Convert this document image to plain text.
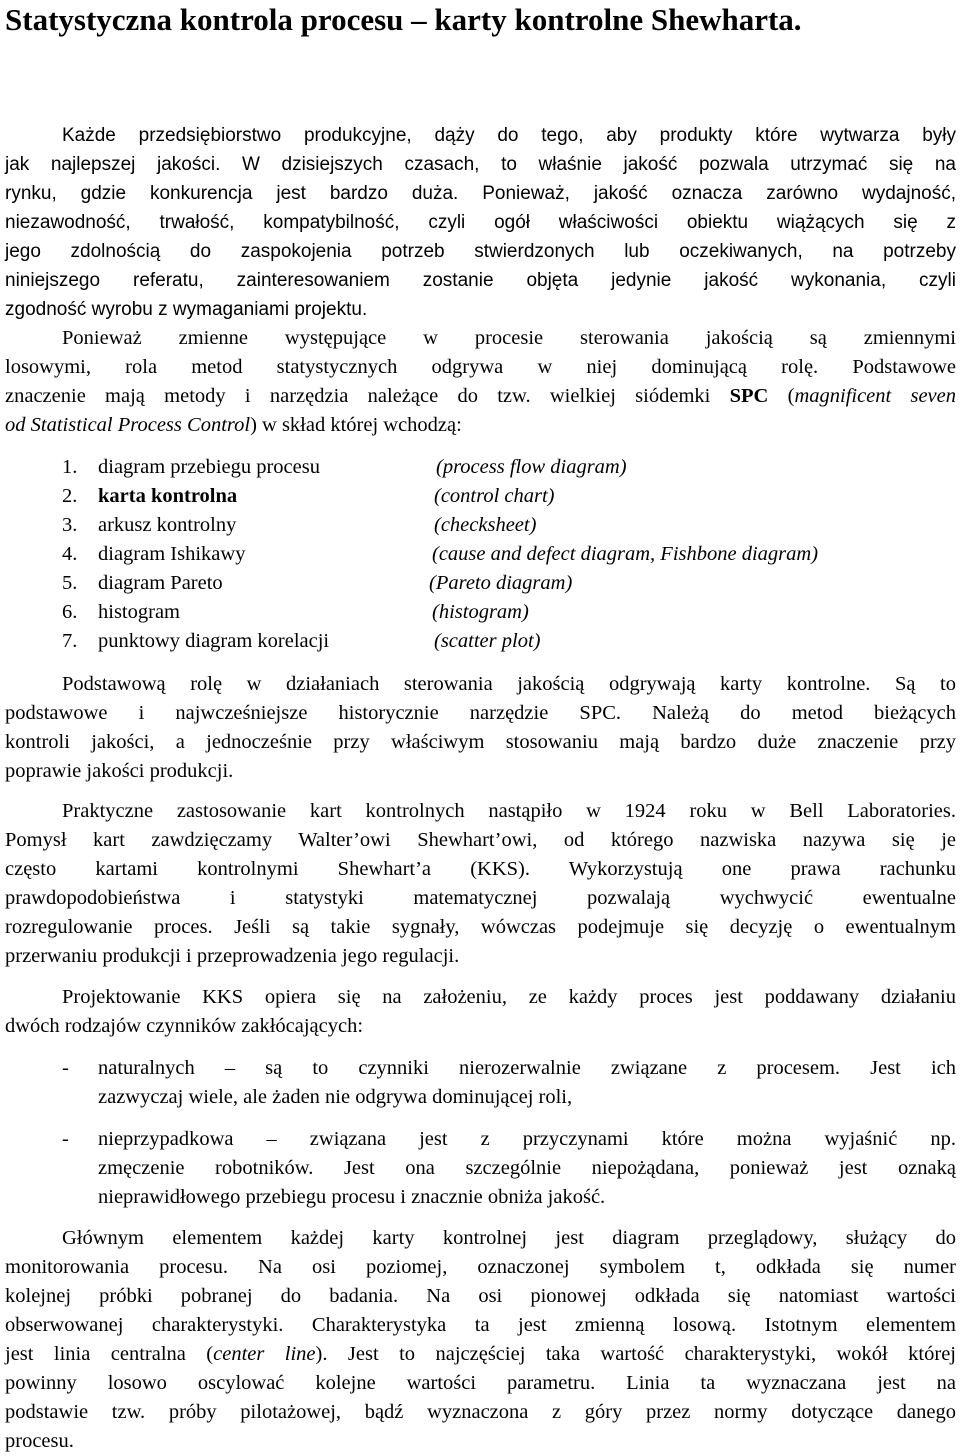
Statystyczna kontrola procesu – karty kontrolne Shewharta.
Każde przedsiębiorstwo produkcyjne, dąży do tego, aby produkty które wytwarza były
jak najlepszej jakości. W dzisiejszych czasach, to właśnie jakość pozwala utrzymać się na
rynku, gdzie konkurencja jest bardzo duża. Ponieważ, jakość oznacza zarówno wydajność,
niezawodność, trwałość, kompatybilność, czyli ogół właściwości obiektu wiążących się z
jego zdolnością do zaspokojenia potrzeb stwierdzonych lub oczekiwanych, na potrzeby
niniejszego referatu, zainteresowaniem zostanie objęta jedynie jakość wykonania, czyli
zgodność wyrobu z wymaganiami projektu.
Ponieważ zmienne występujące w procesie sterowania jakością są zmiennymi
losowymi, rola metod statystycznych odgrywa w niej dominującą rolę. Podstawowe
znaczenie mają metody i narzędzia należące do tzw. wielkiej siódemki SPC (magnificent seven
od Statistical Process Control) w skład której wchodzą:
1. diagram przebiegu procesu	(process flow diagram)
2. karta kontrolna	(control chart)
3. arkusz kontrolny	(checksheet)
4. diagram Ishikawy	(cause and defect diagram, Fishbone diagram)
5. diagram Pareto	(Pareto diagram)
6. histogram	(histogram)
7. punktowy diagram korelacji	(scatter plot)
Podstawową rolę w działaniach sterowania jakością odgrywają karty kontrolne. Są to
podstawowe i najwcześniejsze historycznie narzędzie SPC. Należą do metod bieżących
kontroli jakości, a jednocześnie przy właściwym stosowaniu mają bardzo duże znaczenie przy
poprawie jakości produkcji.
Praktyczne zastosowanie kart kontrolnych nastąpiło w 1924 roku w Bell Laboratories.
Pomysł kart zawdzięczamy Walter’owi Shewhart’owi, od którego nazwiska nazywa się je
często kartami kontrolnymi Shewhart’a (KKS). Wykorzystują one prawa rachunku
prawdopodobieństwa i statystyki matematycznej pozwalają wychwycić ewentualne
rozregulowanie proces. Jeśli są takie sygnały, wówczas podejmuje się decyzję o ewentualnym
przerwaniu produkcji i przeprowadzenia jego regulacji.
Projektowanie KKS opiera się na założeniu, ze każdy proces jest poddawany działaniu
dwóch rodzajów czynników zakłócających:
- naturalnych – są to czynniki nierozerwalnie związane z procesem. Jest ich
zazwyczaj wiele, ale żaden nie odgrywa dominującej roli,
- nieprzypadkowa – związana jest z przyczynami które można wyjaśnić np.
zmęczenie robotników. Jest ona szczególnie niepożądana, ponieważ jest oznaką
nieprawidłowego przebiegu procesu i znacznie obniża jakość.
Głównym elementem każdej karty kontrolnej jest diagram przeglądowy, służący do
monitorowania procesu. Na osi poziomej, oznaczonej symbolem t, odkłada się numer
kolejnej próbki pobranej do badania. Na osi pionowej odkłada się natomiast wartości
obserwowanej charakterystyki. Charakterystyka ta jest zmienną losową. Istotnym elementem
jest linia centralna (center line). Jest to najczęściej taka wartość charakterystyki, wokół której
powinny losowo oscylować kolejne wartości parametru. Linia ta wyznaczana jest na
podstawie tzw. próby pilotażowej, bądź wyznaczona z góry przez normy dotyczące danego
procesu.
